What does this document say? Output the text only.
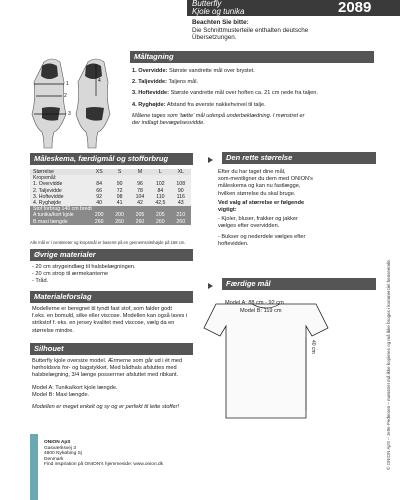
Butterfly
Kjole og tunika	2089
Beachten Sie bitte:
Die Schnittmusterteile enthalten deutsche
Übersetzungen.
1
2
3
4
Måltagning
1. Overvidde: Største vandrette mål over brystet.
2. Taljevidde: Taljens mål.
3. Hoftevidde: Største vandrette mål over hoften ca. 21 cm nede fra taljen.
4. Ryghøjde: Afstand fra øverste nakkehvirvel til talje.
Målene tages som 'tætte' mål udenpå underbeklædning. I mønstret er
der indlagt bevægelsesvidde.
Måleskema, færdigmål og stofforbrug
Størrelse	XS	S	M	L	XL
Kropsmål:
1. Overvidde	84	90	96	102	108
2. Taljevidde	66	72	78	84	90
3. Hoftevidde	92	98	104	110	116
4. Ryghøjde	40	41	42	42,5	43
Stof forbrug 140 cm bredt
A tunika/kort kjole	200	200	205	205	210
B maxi længde	260	260	260	260	260
Alle mål er i centimeter og kropsmål er baseret på en gennemsnitshøjde på 168 cm.
Den rette størrelse
Efter du har taget dine mål,
som-mentligner du dem med ONION's
måleskema og kan nu fastlægge,
hvilken størrelse du skal bruge.
Ved valg af størrelse er følgende
vigtigt:
- Kjoler, bluser, frakker og jakker
vælges efter overvidden.
- Bukser og nederdele vælges efter
hoftevidden.
Øvrige materialer
- 20 cm strygeindlæg til halsbelægningen.
- 20 cm strop til ærmekanterne
- Tråd.
Materialeforslag
Modellerne er beregnet til tyndt fast stof, som falder godt
f.eks. en bomuld, silke eller viscose. Modellen kan også laves i
strikstof f. eks. en jersey kvalitet med viscose, vælg da en
størrelse mindre.
Færdige mål
Model A: 88 cm - 92 cm
Model B: 119 cm
40 cm
Silhouet
Butterfly kjole oversize model. Ærmerne som går ud i ét med
hørholdsvis for- og bagstykket. Med bådhals afsluttes med
halsbelægning, 3/4 længe posserrner afsluttet med ribkant.
Model A: Tunika/kort kjole længde.
Model B: Maxi længde.
Modellen er meget enkelt og sy og er perfekt til lette stoffer!
ONION ApS
Gasværksvej 3
4800 Nykøbing Sj
Denmark
Find inspiration på ONION's hjemmeside: www.onion.dk	© ONION ApS – Jette Pedersen – mønstret må ikke kopieres og må ikke bruges i kommerciel henseende.
